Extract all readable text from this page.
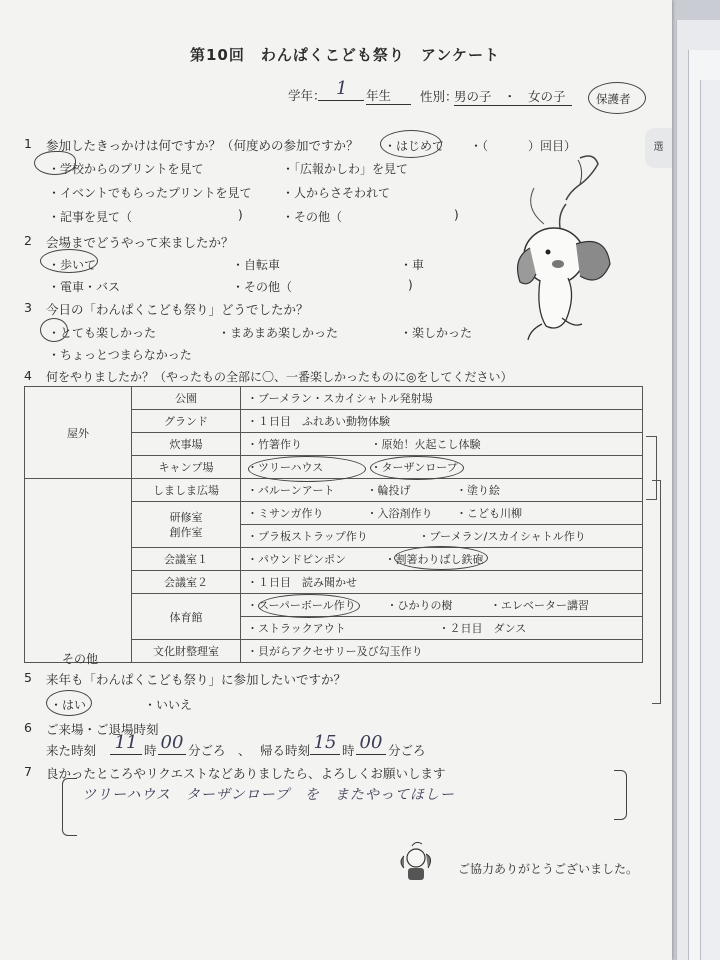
第10回　わんぱくこども祭り　アンケート
学年： 1 年生	性別：
男の子 ・ 女の子	保護者
選
1 参加したきっかけは何ですか？（何度めの参加ですか？ ・はじめて ・（	）回目）
・学校からのプリントを見て	・「広報かしわ」を見て
・イベントでもらったプリントを見て	・人からさそわれて
・記事を見て（	)	・その他（	)
2 会場までどうやって来ましたか？
・歩いて	・自転車	・車
・電車・バス	・その他（	)
3 今日の「わんぱくこども祭り」どうでしたか？
・とても楽しかった	・まあまあ楽しかった	・楽しかった
・ちょっとつまらなかった
4 何をやりましたか？（やったもの全部に〇、一番楽しかったものに◎をしてください）
屋外	公園	・ブーメラン・スカイシャトル発射場
	グランド	・１日目　ふれあい動物体験
	炊事場	・竹箸作り ・原始！火起こし体験
	キャンプ場	・ツリーハウス ・ターザンロープ
	しましま広場	・バルーンアート ・輪投げ ・塗り絵
	研修室
創作室	・ミサンガ作り ・入浴剤作り ・こども川柳
		・プラ板ストラップ作り ・ブーメラン/スカイシャトル作り
	会議室１	・パウンドピンポン ・割箸わりばし鉄砲
	会議室２	・１日目　読み聞かせ
	体育館	・スーパーボール作り ・ひかりの樹 ・エレベーター講習
		・ストラックアウト ・２日目　ダンス
	文化財整理室	・貝がらアクセサリー及び勾玉作り
その他
5 来年も「わんぱくこども祭り」に参加したいですか？
・はい	・いいえ
6 ご来場・ご退場時刻
来た時刻 11 時 00 分ごろ 、 帰る時刻 15 時 00 分ごろ
7 良かったところやリクエストなどありましたら、よろしくお願いします
ツリーハウス　ターザンロープ　を　またやってほしー
ご協力ありがとうございました。
